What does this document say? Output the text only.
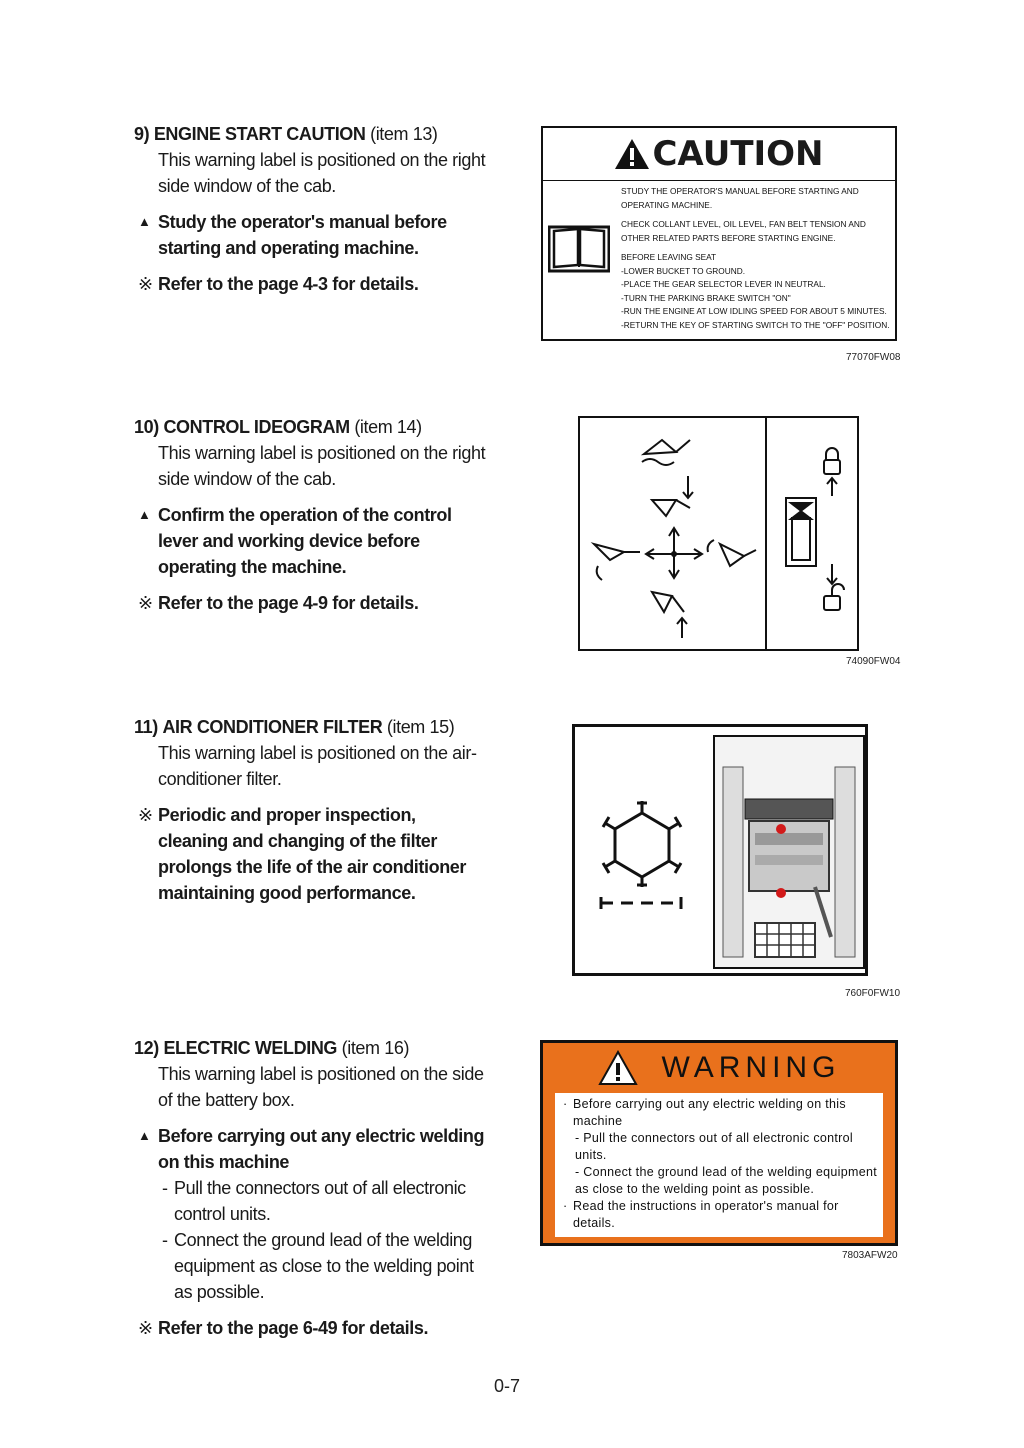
9) ENGINE START CAUTION (item 13)

This warning label is positioned on the right side window of the cab.

▲ Study the operator's manual before starting and operating machine.
※ Refer to the page 4-3 for details.
CAUTION
STUDY THE OPERATOR'S MANUAL BEFORE STARTING AND
OPERATING MACHINE.
CHECK COLLANT LEVEL, OIL LEVEL, FAN BELT TENSION AND
OTHER RELATED PARTS BEFORE STARTING ENGINE.
BEFORE LEAVING SEAT
-LOWER BUCKET TO GROUND.
-PLACE THE GEAR SELECTOR LEVER IN NEUTRAL.
-TURN THE PARKING BRAKE SWITCH "ON"
-RUN THE ENGINE AT LOW IDLING SPEED FOR ABOUT 5 MINUTES.
-RETURN THE KEY OF STARTING SWITCH TO THE "OFF" POSITION.
77070FW08

10) CONTROL IDEOGRAM (item 14)

This warning label is positioned on the right side window of the cab.

▲ Confirm the operation of the control lever and working device before operating the machine.
※ Refer to the page 4-9 for details.
74090FW04

11) AIR CONDITIONER FILTER (item 15)

This warning label is positioned on the air-conditioner filter.

※ Periodic and proper inspection, cleaning and changing of the filter prolongs the life of the air conditioner maintaining good performance.
760F0FW10

12) ELECTRIC WELDING (item 16)

This warning label is positioned on the side of the battery box.

▲ Before carrying out any electric welding on this machine
- Pull the connectors out of all electronic control units.
- Connect the ground lead of the welding equipment as close to the welding point as possible.
※ Refer to the page 6-49 for details.
WARNING
· Before carrying out any electric welding on this machine
- Pull the connectors out of all electronic control units.
- Connect the ground lead of the welding equipment as close to the welding point as possible.
· Read the instructions in operator's manual for details.
7803AFW20
0-7
